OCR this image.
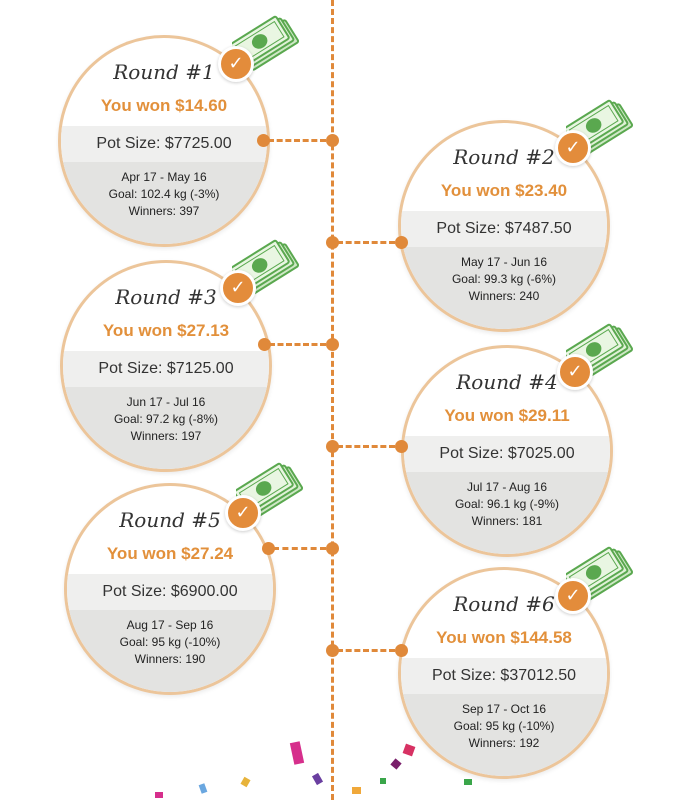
Round #1
You won $14.60
Pot Size: $7725.00
Apr 17 - May 16
Goal: 102.4 kg (-3%)
Winners: 397
Round #2
You won $23.40
Pot Size: $7487.50
May 17 - Jun 16
Goal: 99.3 kg (-6%)
Winners: 240
Round #3
You won $27.13
Pot Size: $7125.00
Jun 17 - Jul 16
Goal: 97.2 kg (-8%)
Winners: 197
Round #4
You won $29.11
Pot Size: $7025.00
Jul 17 - Aug 16
Goal: 96.1 kg (-9%)
Winners: 181
Round #5
You won $27.24
Pot Size: $6900.00
Aug 17 - Sep 16
Goal: 95 kg (-10%)
Winners: 190
Round #6
You won $144.58
Pot Size: $37012.50
Sep 17 - Oct 16
Goal: 95 kg (-10%)
Winners: 192
✓
✓
✓
✓
✓
✓
